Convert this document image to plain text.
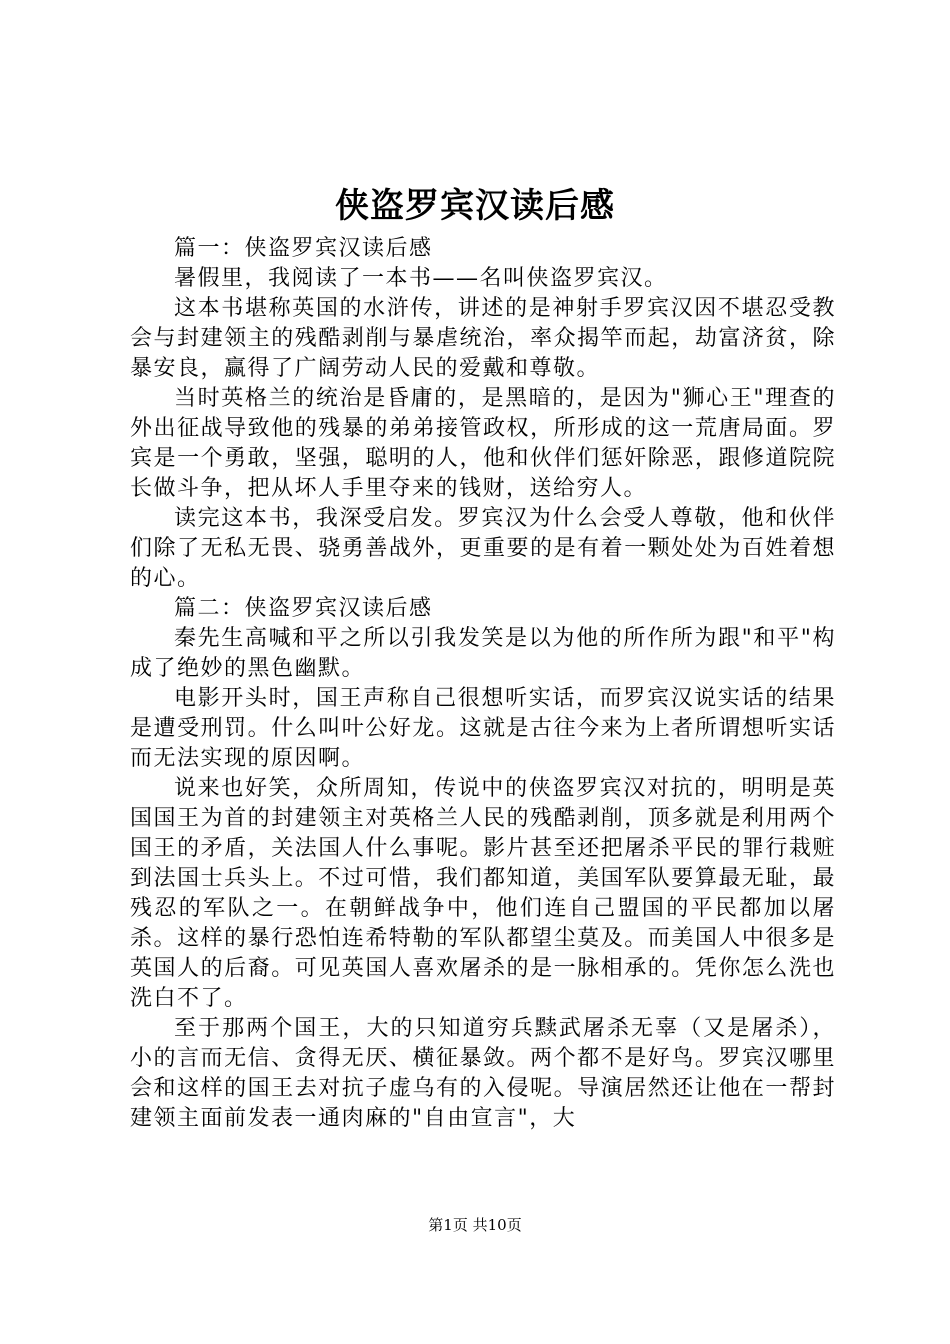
侠盗罗宾汉读后感

篇一：侠盗罗宾汉读后感

暑假里，我阅读了一本书——名叫侠盗罗宾汉。

这本书堪称英国的水浒传，讲述的是神射手罗宾汉因不堪忍受教会与封建领主的残酷剥削与暴虐统治，率众揭竿而起，劫富济贫，除暴安良，赢得了广阔劳动人民的爱戴和尊敬。

当时英格兰的统治是昏庸的，是黑暗的，是因为"狮心王"理查的外出征战导致他的残暴的弟弟接管政权，所形成的这一荒唐局面。罗宾是一个勇敢，坚强，聪明的人，他和伙伴们惩奸除恶，跟修道院院长做斗争，把从坏人手里夺来的钱财，送给穷人。

读完这本书，我深受启发。罗宾汉为什么会受人尊敬，他和伙伴们除了无私无畏、骁勇善战外，更重要的是有着一颗处处为百姓着想的心。

篇二：侠盗罗宾汉读后感

秦先生高喊和平之所以引我发笑是以为他的所作所为跟"和平"构成了绝妙的黑色幽默。

电影开头时，国王声称自己很想听实话，而罗宾汉说实话的结果是遭受刑罚。什么叫叶公好龙。这就是古往今来为上者所谓想听实话而无法实现的原因啊。

说来也好笑，众所周知，传说中的侠盗罗宾汉对抗的，明明是英国国王为首的封建领主对英格兰人民的残酷剥削，顶多就是利用两个国王的矛盾，关法国人什么事呢。影片甚至还把屠杀平民的罪行栽赃到法国士兵头上。不过可惜，我们都知道，美国军队要算最无耻，最残忍的军队之一。在朝鲜战争中，他们连自己盟国的平民都加以屠杀。这样的暴行恐怕连希特勒的军队都望尘莫及。而美国人中很多是英国人的后裔。可见英国人喜欢屠杀的是一脉相承的。凭你怎么洗也洗白不了。

至于那两个国王，大的只知道穷兵黩武屠杀无辜（又是屠杀），小的言而无信、贪得无厌、横征暴敛。两个都不是好鸟。罗宾汉哪里会和这样的国王去对抗子虚乌有的入侵呢。导演居然还让他在一帮封建领主面前发表一通肉麻的"自由宣言"，大

第1页 共10页
